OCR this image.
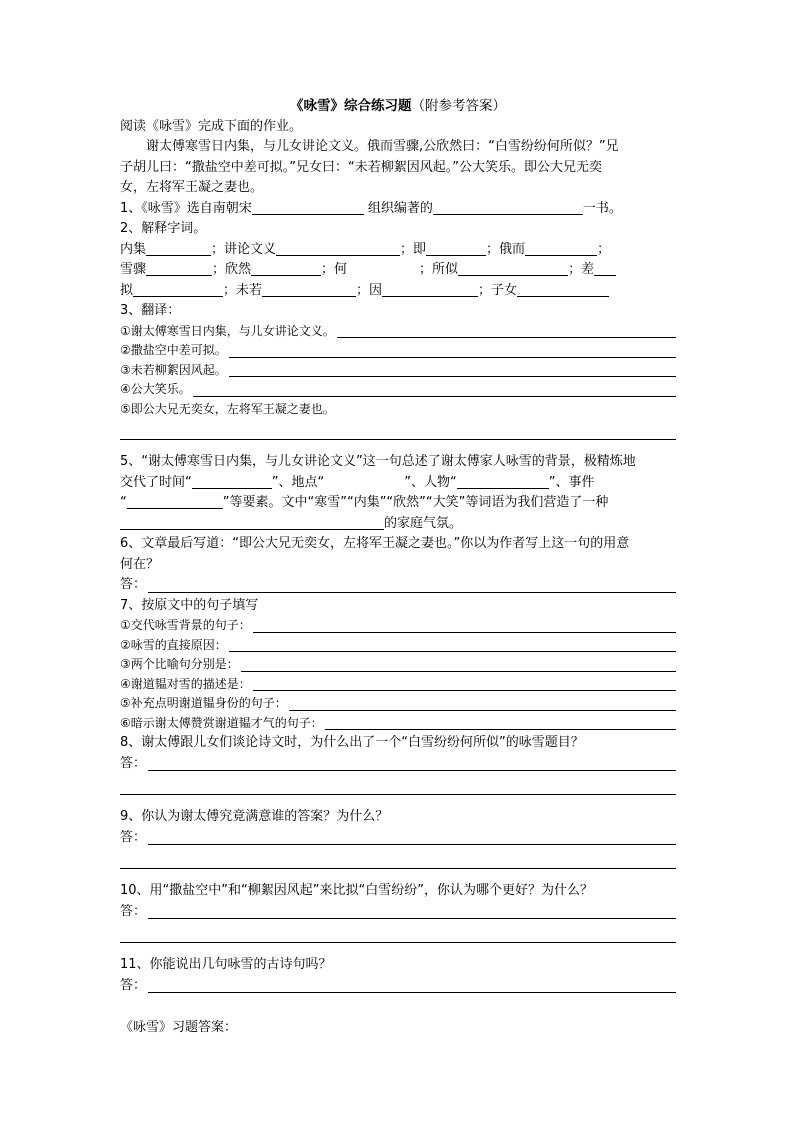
《咏雪》综合练习题（附参考答案）
阅读《咏雪》完成下面的作业。
谢太傅寒雪日内集，与儿女讲论文义。俄而雪骤,公欣然曰：“白雪纷纷何所似？”兄
子胡儿曰：“撒盐空中差可拟。”兄女曰：“未若柳絮因风起。”公大笑乐。即公大兄无奕
女，左将军王凝之妻也。
1、《咏雪》选自南朝宋	组织编著的	一书。
2、解释字词。
内集	；讲论文义	；即	；俄而	；
雪骤	；欣然	；何	；所似	；差
拟	；未若	；因	；子女
3、翻译：
①谢太傅寒雪日内集，与儿女讲论文义。
②撒盐空中差可拟。
③未若柳絮因风起。
④公大笑乐。
⑤即公大兄无奕女，左将军王凝之妻也。
5、“谢太傅寒雪日内集，与儿女讲论文义”这一句总述了谢太傅家人咏雪的背景，极精炼地
交代了时间“	”、地点“	”、人物“	”、事件
“	”等要素。文中“寒雪”“内集”“欣然”“大笑”等词语为我们营造了一种
的家庭气氛。
6、文章最后写道：“即公大兄无奕女，左将军王凝之妻也。”你以为作者写上这一句的用意
何在？
答：
7、按原文中的句子填写
①交代咏雪背景的句子：
②咏雪的直接原因：
③两个比喻句分别是：
④谢道韫对雪的描述是：
⑤补充点明谢道韫身份的句子：
⑥暗示谢太傅赞赏谢道韫才气的句子：
8、谢太傅跟儿女们谈论诗文时，为什么出了一个“白雪纷纷何所似”的咏雪题目？
答：
9、你认为谢太傅究竟满意谁的答案？为什么？
答：
10、用“撒盐空中”和“柳絮因风起”来比拟“白雪纷纷”，你认为哪个更好？为什么？
答：
11、你能说出几句咏雪的古诗句吗？
答：
《咏雪》习题答案：
